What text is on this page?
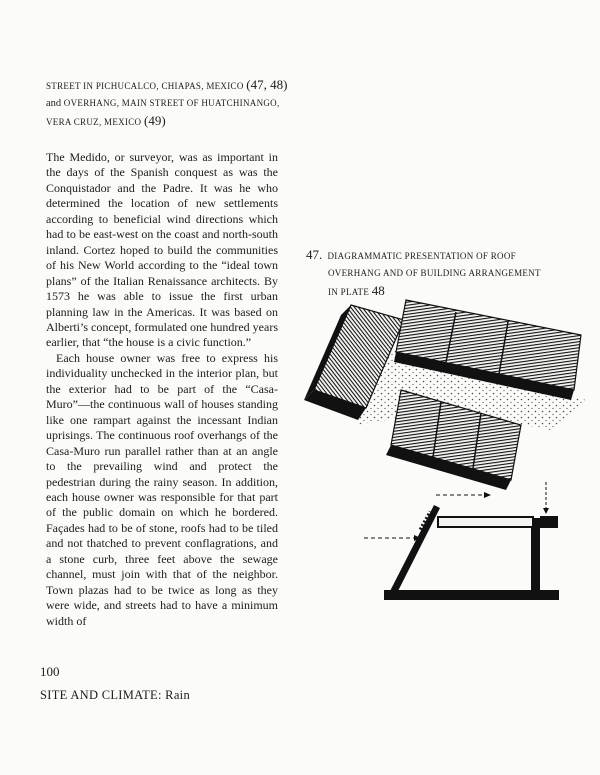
STREET IN PICHUCALCO, CHIAPAS, MEXICO (47, 48)
and OVERHANG, MAIN STREET OF HUATCHINANGO,
VERA CRUZ, MEXICO (49)

The Medido, or surveyor, was as important in the days of the Spanish conquest as was the Conquistador and the Padre. It was he who determined the location of new settlements according to beneficial wind directions which had to be east-west on the coast and north-south inland. Cortez hoped to build the communities of his New World according to the “ideal town plans” of the Italian Renaissance architects. By 1573 he was able to issue the first urban planning law in the Americas. It was based on Alberti’s concept, formulated one hundred years earlier, that “the house is a civic function.”

Each house owner was free to express his individuality unchecked in the interior plan, but the exterior had to be part of the “Casa-Muro”—the continuous wall of houses standing like one rampart against the incessant Indian uprisings. The continuous roof overhangs of the Casa-Muro run parallel rather than at an angle to the prevailing wind and protect the pedestrian during the rainy season. In addition, each house owner was responsible for that part of the public domain on which he bordered. Façades had to be of stone, roofs had to be tiled and not thatched to prevent conflagrations, and a stone curb, three feet above the sewage channel, must join with that of the neighbor. Town plazas had to be twice as long as they were wide, and streets had to have a minimum width of

47. DIAGRAMMATIC PRESENTATION OF ROOF
OVERHANG AND OF BUILDING ARRANGEMENT
IN PLATE 48
100
SITE AND CLIMATE: Rain
